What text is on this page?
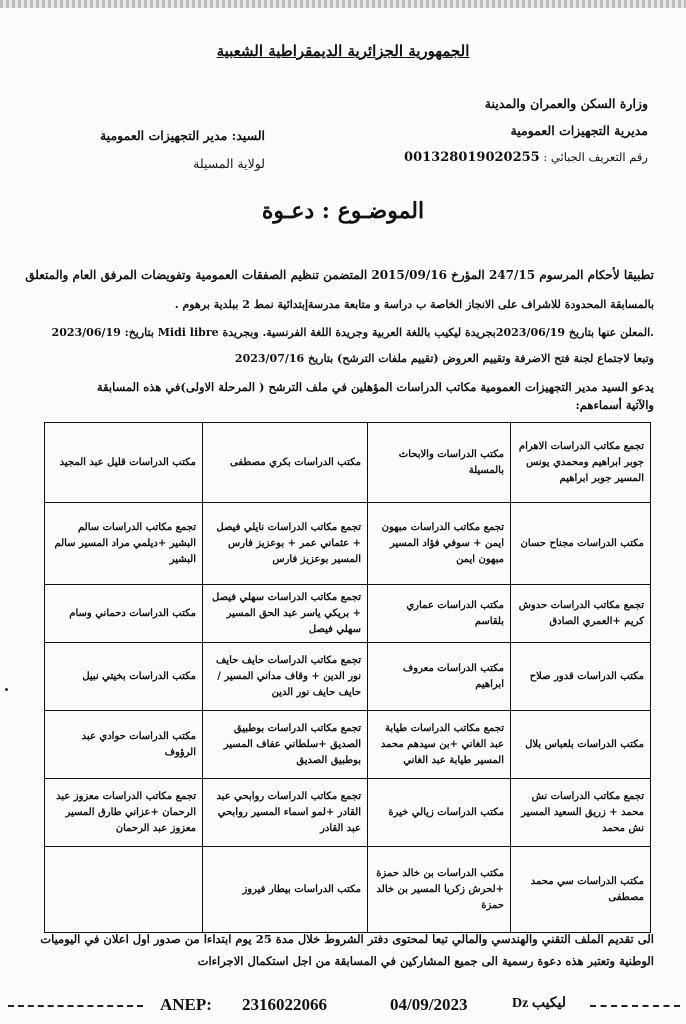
الجمهورية الجزائرية الديمقراطية الشعبية
وزارة السكن والعمران والمدينة
مديرية التجهيزات العمومية
رقم التعريف الجبائي : 001328019020255
السيد: مدير التجهيزات العمومية
لولاية المسيلة
الموضـوع : دعـوة
تطبيقا لأحكام المرسوم 247/15 المؤرخ 2015/09/16 المتضمن تنظيم الصفقات العمومية وتفويضات المرفق العام والمتعلق
بالمسابقة المحدودة للاشراف على الانجاز الخاصة ب دراسة و متابعة مدرسةإبتدائية نمط 2 ببلدية برهوم .
.المعلن عنها بتاريخ 2023/06/19بجريدة ليكيب باللغة العربية وجريدة اللغة الفرنسية. وبجريدة Midi libre بتاريخ: 2023/06/19
وتبعا لاجتماع لجنة فتح الاضرفة وتقييم العروض (تقييم ملفات الترشح) بتاريخ 2023/07/16
يدعو السيد مدير التجهيزات العمومية مكاتب الدراسات المؤهلين في ملف الترشح ( المرحلة الاولى)في هذه المسابقة
والآتية أسماءهم:
تجمع مكاتب الدراسات الاهرام جوبر ابراهيم ومحمدي يونس المسير جوبر ابراهيم	مكتب الدراسات والابحاث بالمسيلة	مكتب الدراسات بكري مصطفى	مكتب الدراسات قليل عبد المجيد
مكتب الدراسات مجناح حسان	تجمع مكاتب الدراسات مبهون ايمن + سوفي فؤاد المسير مبهون ايمن	تجمع مكاتب الدراسات نايلي فيصل + عثماني عمر + بوعزيز فارس المسير بوعزيز فارس	تجمع مكاتب الدراسات سالم البشير +ديلمي مراد المسير سالم البشير
تجمع مكاتب الدراسات حدوش كريم +العمري الصادق	مكتب الدراسات عماري بلقاسم	تجمع مكاتب الدراسات سهلي فيصل + بريكي ياسر عبد الحق المسير سهلي فيصل	مكتب الدراسات دحماني وسام
مكتب الدراسات قدور صلاح	مكتب الدراسات معروف ابراهيم	تجمع مكاتب الدراسات حايف حايف نور الدين + وقاف مداني المسير / حايف حايف نور الدين	مكتب الدراسات بخيتي نبيل
مكتب الدراسات بلعباس بلال	تجمع مكاتب الدراسات طيابة عبد الغاني +بن سيدهم محمد المسير طيابة عبد الغاني	تجمع مكاتب الدراسات بوطبيق الصديق +سلطاني عفاف المسير بوطبيق الصديق	مكتب الدراسات حوادي عبد الرؤوف
تجمع مكاتب الدراسات نش محمد + زريق السعيد المسير نش محمد	مكتب الدراسات زيالي خيرة	تجمع مكاتب الدراسات روابحي عبد القادر +لمو اسماء المسير روابحي عبد القادر	تجمع مكاتب الدراسات معزوز عبد الرحمان +عزاني طارق المسير معزوز عبد الرحمان
مكتب الدراسات سي محمد مصطفى	مكتب الدراسات بن خالد حمزة +لحرش زكريا المسير بن خالد حمزة	مكتب الدراسات بيطار فيروز	
الى تقديم الملف التقني والهندسي والمالي تبعا لمحتوى دفتر الشروط خلال مدة 25 يوم ابتداءا من صدور اول اعلان في اليوميات
الوطنية وتعتبر هذه دعوة رسمية الى جميع المشاركين في المسابقة من اجل استكمال الاجراءات
ANEP: 2316022066	04/09/2023	ليكيب Dz
